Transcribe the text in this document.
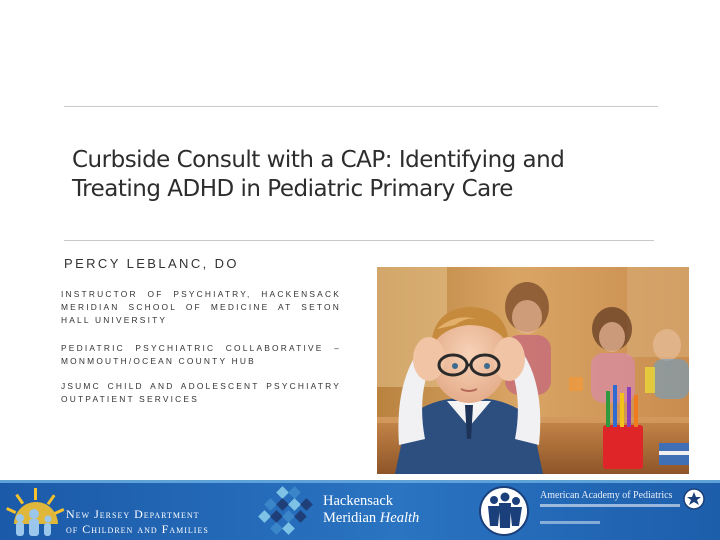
Curbside Consult with a CAP: Identifying and
Treating ADHD in Pediatric Primary Care
PERCY LEBLANC, DO
INSTRUCTOR OF PSYCHIATRY, HACKENSACK MERIDIAN SCHOOL OF MEDICINE AT SETON HALL UNIVERSITY
PEDIATRIC PSYCHIATRIC COLLABORATIVE – MONMOUTH/OCEAN COUNTY HUB
JSUMC CHILD AND ADOLESCENT PSYCHIATRY OUTPATIENT SERVICES
New Jersey Department
of Children and Families
Hackensack
Meridian Health
American Academy of Pediatrics
